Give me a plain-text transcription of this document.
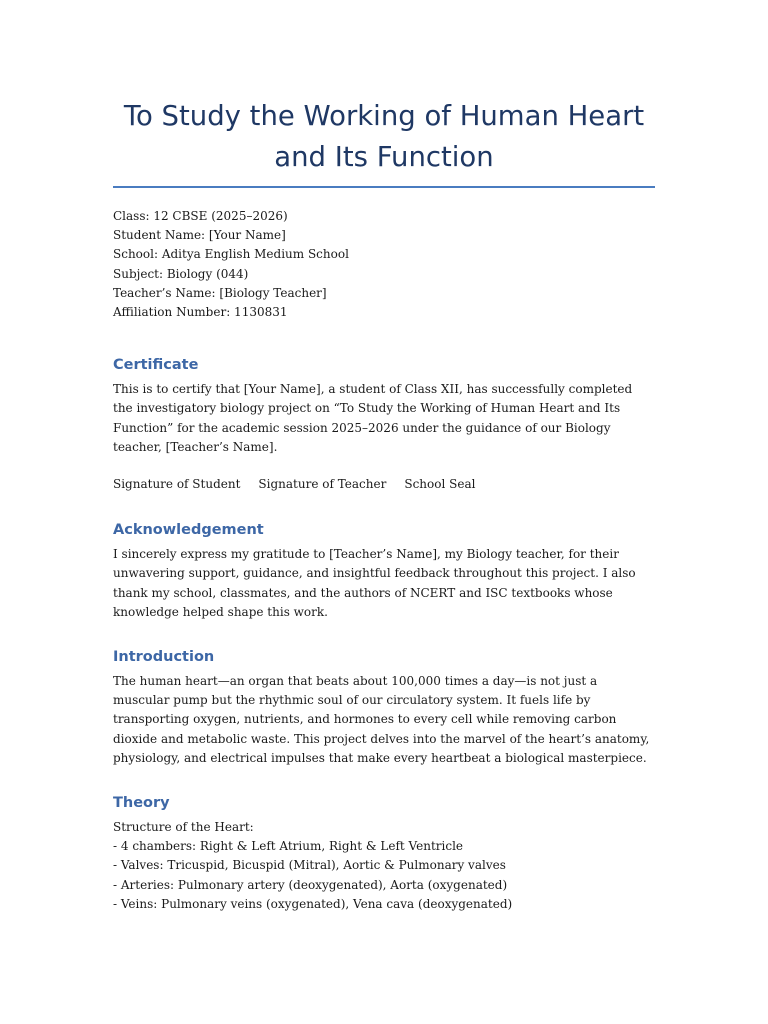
To Study the Working of Human Heart
and Its Function
Class: 12 CBSE (2025–2026)
Student Name: [Your Name]
School: Aditya English Medium School
Subject: Biology (044)
Teacher’s Name: [Biology Teacher]
Affiliation Number: 1130831
Certificate

This is to certify that [Your Name], a student of Class XII, has successfully completed the investigatory biology project on “To Study the Working of Human Heart and Its Function” for the academic session 2025–2026 under the guidance of our Biology teacher, [Teacher’s Name].

Signature of Student Signature of Teacher School Seal
Acknowledgement

I sincerely express my gratitude to [Teacher’s Name], my Biology teacher, for their unwavering support, guidance, and insightful feedback throughout this project. I also thank my school, classmates, and the authors of NCERT and ISC textbooks whose knowledge helped shape this work.

Introduction

The human heart—an organ that beats about 100,000 times a day—is not just a muscular pump but the rhythmic soul of our circulatory system. It fuels life by transporting oxygen, nutrients, and hormones to every cell while removing carbon dioxide and metabolic waste. This project delves into the marvel of the heart’s anatomy, physiology, and electrical impulses that make every heartbeat a biological masterpiece.

Theory
Structure of the Heart:
- 4 chambers: Right & Left Atrium, Right & Left Ventricle
- Valves: Tricuspid, Bicuspid (Mitral), Aortic & Pulmonary valves
- Arteries: Pulmonary artery (deoxygenated), Aorta (oxygenated)
- Veins: Pulmonary veins (oxygenated), Vena cava (deoxygenated)
